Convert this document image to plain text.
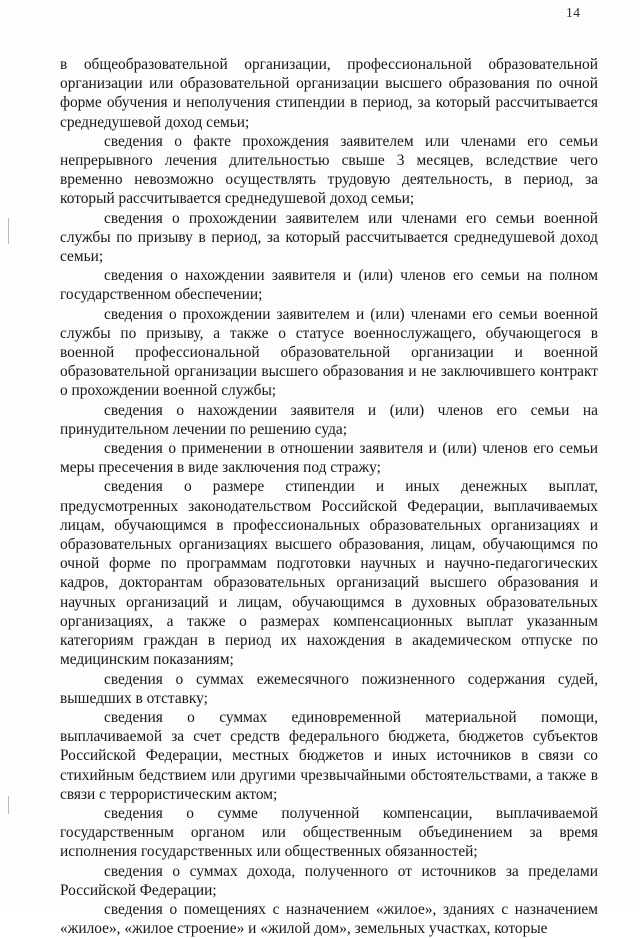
14

в общеобразовательной организации, профессиональной образовательной организации или образовательной организации высшего образования по очной форме обучения и неполучения стипендии в период, за который рассчитывается среднедушевой доход семьи;

сведения о факте прохождения заявителем или членами его семьи непрерывного лечения длительностью свыше 3 месяцев, вследствие чего временно невозможно осуществлять трудовую деятельность, в период, за который рассчитывается среднедушевой доход семьи;

сведения о прохождении заявителем или членами его семьи военной службы по призыву в период, за который рассчитывается среднедушевой доход семьи;

сведения о нахождении заявителя и (или) членов его семьи на полном государственном обеспечении;

сведения о прохождении заявителем и (или) членами его семьи военной службы по призыву, а также о статусе военнослужащего, обучающегося в военной профессиональной образовательной организации и военной образовательной организации высшего образования и не заключившего контракт о прохождении военной службы;

сведения о нахождении заявителя и (или) членов его семьи на принудительном лечении по решению суда;

сведения о применении в отношении заявителя и (или) членов его семьи меры пресечения в виде заключения под стражу;

сведения о размере стипендии и иных денежных выплат, предусмотренных законодательством Российской Федерации, выплачиваемых лицам, обучающимся в профессиональных образовательных организациях и образовательных организациях высшего образования, лицам, обучающимся по очной форме по программам подготовки научных и научно-педагогических кадров, докторантам образовательных организаций высшего образования и научных организаций и лицам, обучающимся в духовных образовательных организациях, а также о размерах компенсационных выплат указанным категориям граждан в период их нахождения в академическом отпуске по медицинским показаниям;

сведения о суммах ежемесячного пожизненного содержания судей, вышедших в отставку;

сведения о суммах единовременной материальной помощи, выплачиваемой за счет средств федерального бюджета, бюджетов субъектов Российской Федерации, местных бюджетов и иных источников в связи со стихийным бедствием или другими чрезвычайными обстоятельствами, а также в связи с террористическим актом;

сведения о сумме полученной компенсации, выплачиваемой государственным органом или общественным объединением за время исполнения государственных или общественных обязанностей;

сведения о суммах дохода, полученного от источников за пределами Российской Федерации;

сведения о помещениях с назначением «жилое», зданиях с назначением «жилое», «жилое строение» и «жилой дом», земельных участках, которые
